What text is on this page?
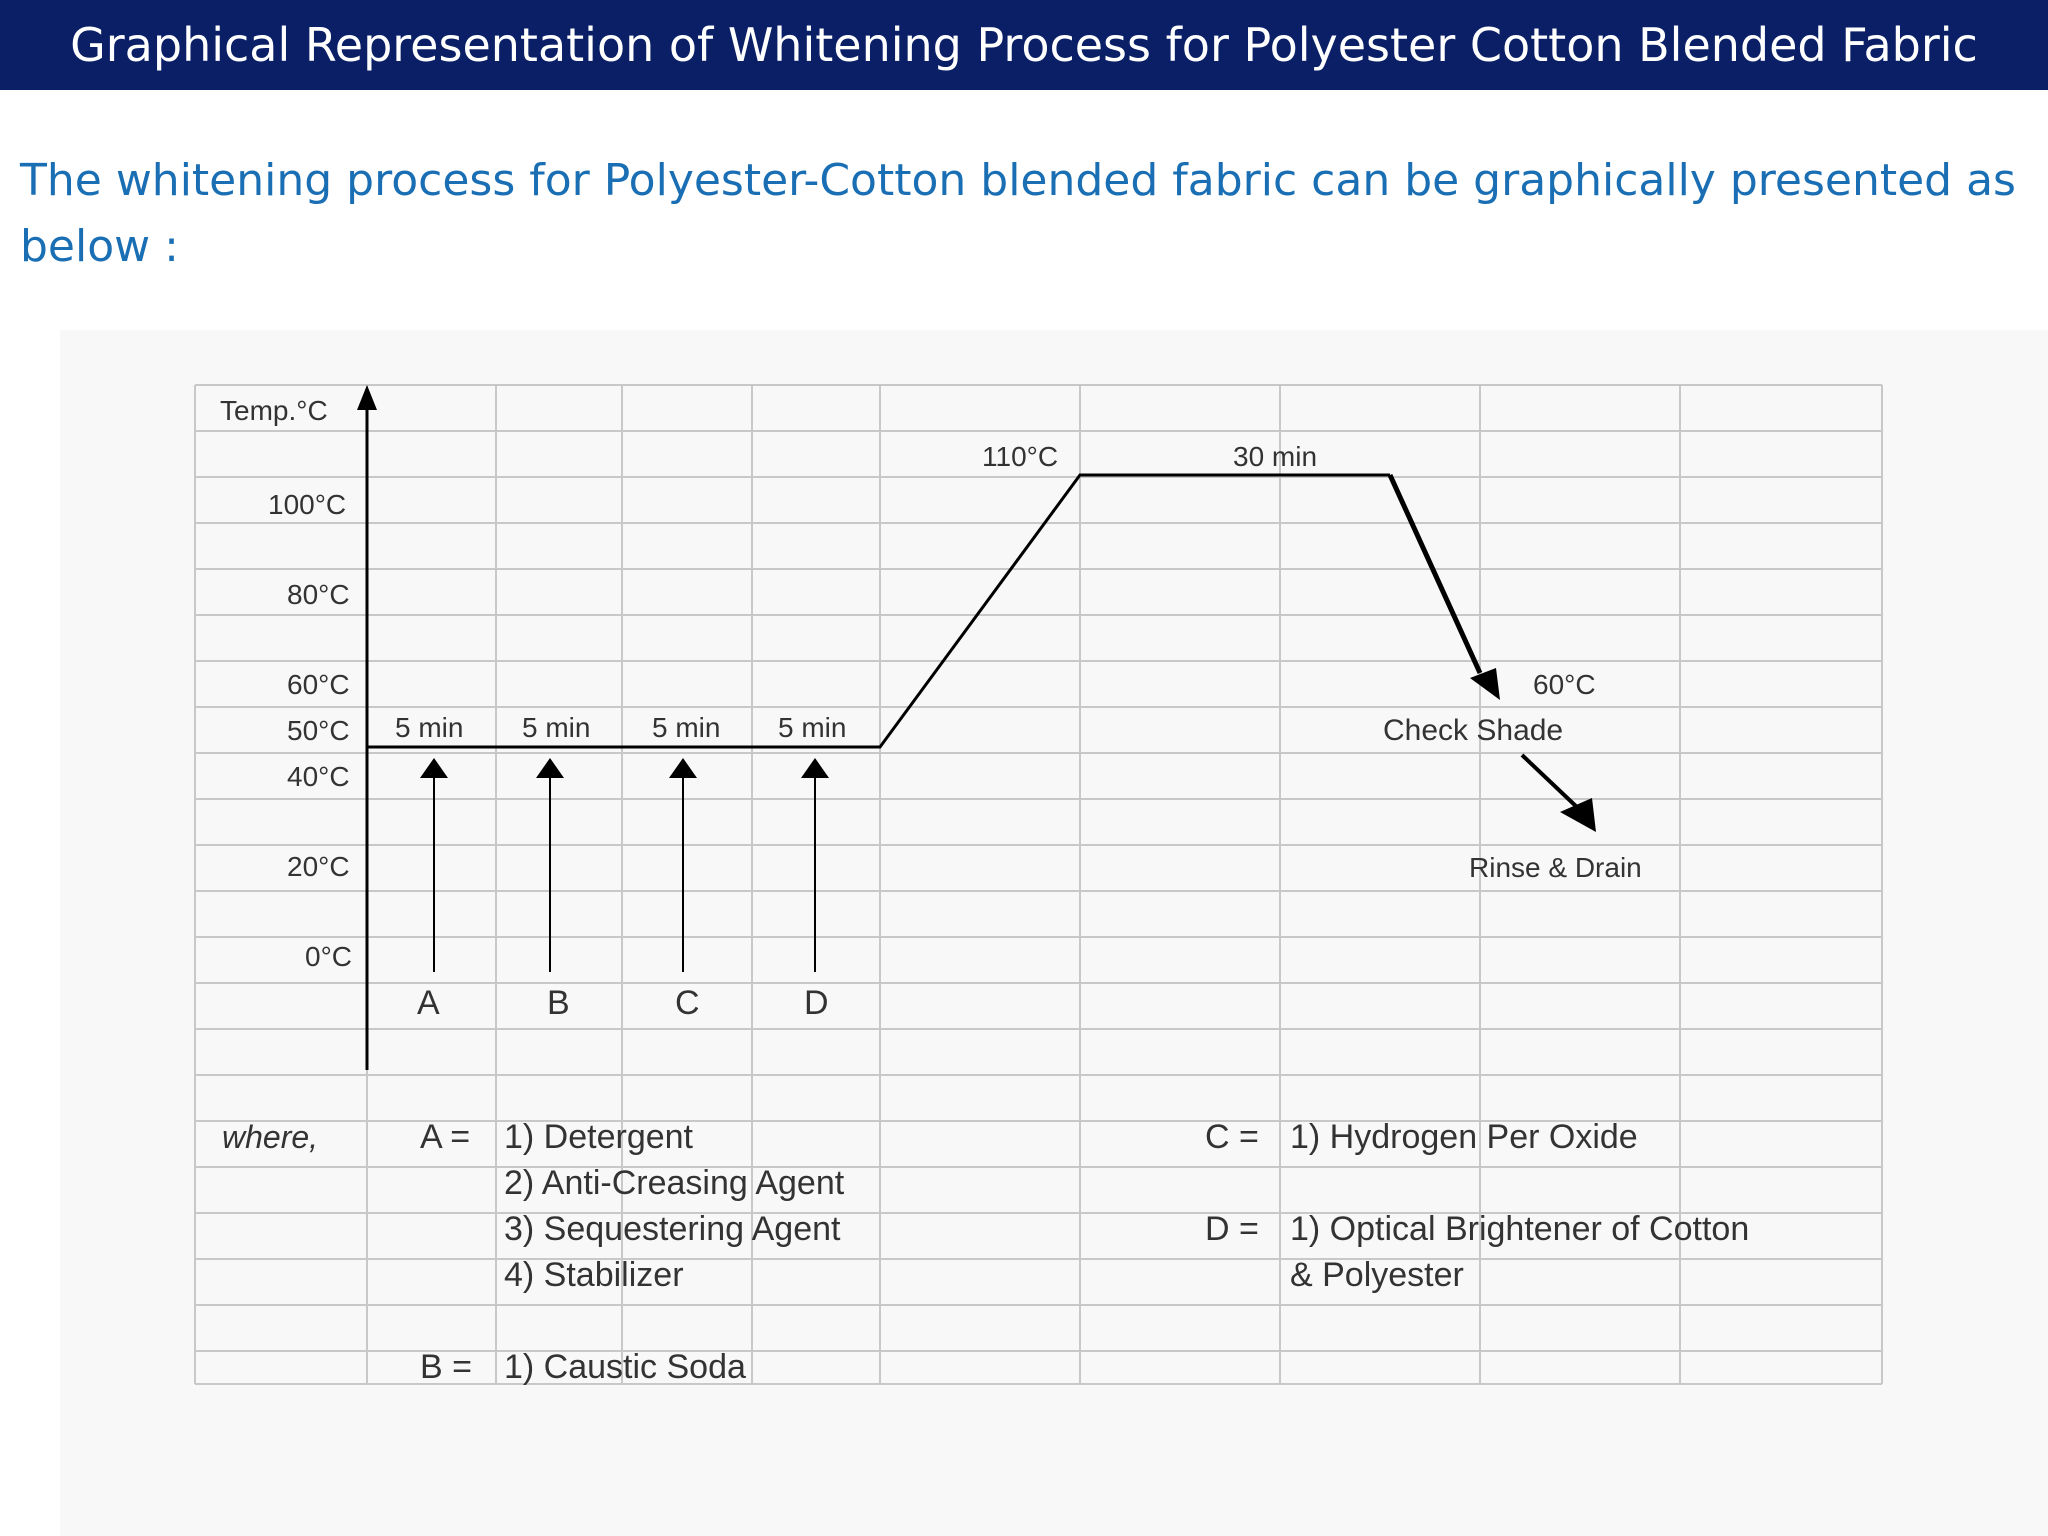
Graphical Representation of Whitening Process for Polyester Cotton Blended Fabric
The whitening process for Polyester-Cotton blended fabric can be graphically presented as below :
Temp.°C
100°C
80°C
60°C
50°C
40°C
20°C
0°C
5 min 5 min 5 min 5 min
A	B	C	D
110°C	30 min
60°C
Check Shade
Rinse & Drain
where,	A = 1) Detergent
2) Anti-Creasing Agent
3) Sequestering Agent
4) Stabilizer
B = 1) Caustic Soda
C = 1) Hydrogen Per Oxide
D = 1) Optical Brightener of Cotton
& Polyester
